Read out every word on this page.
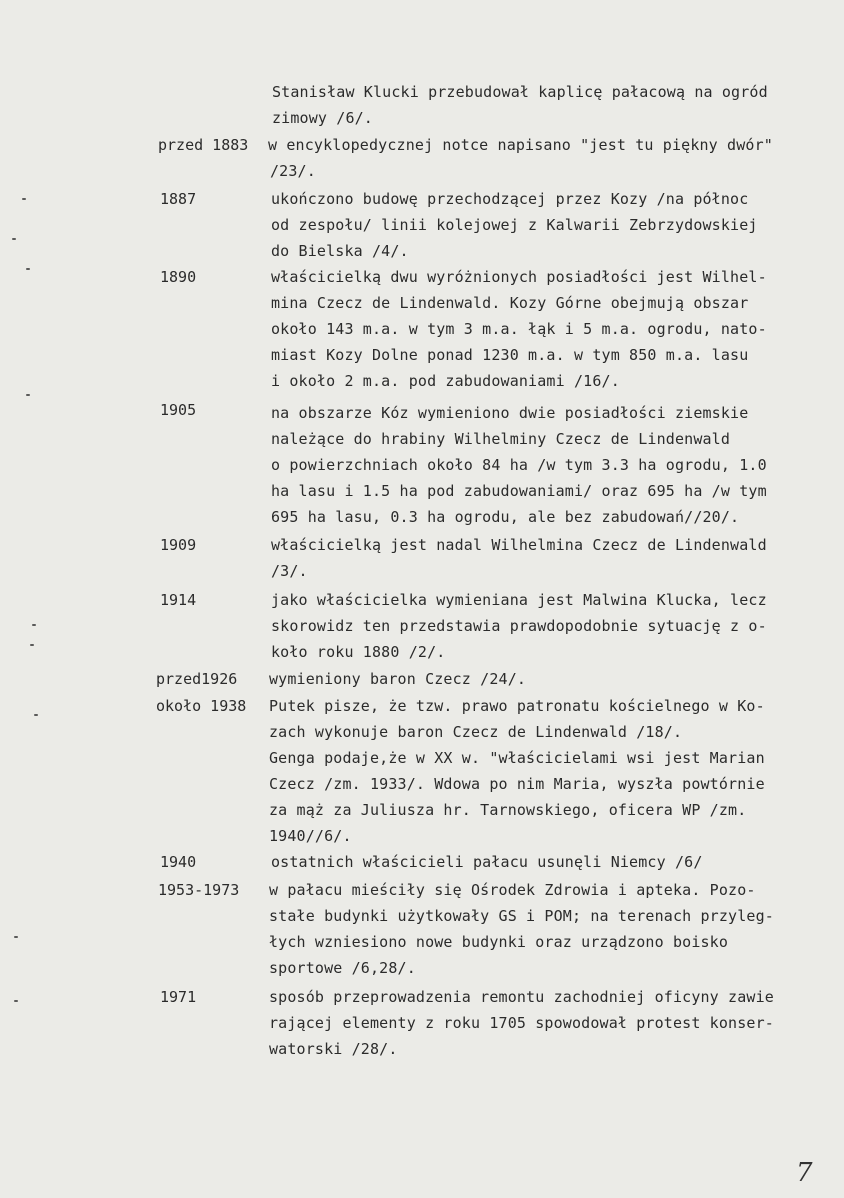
Stanisław Klucki przebudował kaplicę pałacową na ogród
zimowy /6/.
przed 1883 w encyklopedycznej notce napisano "jest tu piękny dwór"
/23/.
1887	ukończono budowę przechodzącej przez Kozy /na północ
od zespołu/ linii kolejowej z Kalwarii Zebrzydowskiej
do Bielska /4/.
1890	właścicielką dwu wyróżnionych posiadłości jest Wilhel-
mina Czecz de Lindenwald. Kozy Górne obejmują obszar
około 143 m.a. w tym 3 m.a. łąk i 5 m.a. ogrodu, nato-
miast Kozy Dolne ponad 1230 m.a. w tym 850 m.a. lasu
i około 2 m.a. pod zabudowaniami /16/.
1905	na obszarze Kóz wymieniono dwie posiadłości ziemskie
należące do hrabiny Wilhelminy Czecz de Lindenwald
o powierzchniach około 84 ha /w tym 3.3 ha ogrodu, 1.0
ha lasu i 1.5 ha pod zabudowaniami/ oraz 695 ha /w tym
695 ha lasu, 0.3 ha ogrodu, ale bez zabudowań//20/.
1909	właścicielką jest nadal Wilhelmina Czecz de Lindenwald
/3/.
1914	jako właścicielka wymieniana jest Malwina Klucka, lecz
skorowidz ten przedstawia prawdopodobnie sytuację z o-
koło roku 1880 /2/.
przed1926 wymieniony baron Czecz /24/.
około 1938 Putek pisze, że tzw. prawo patronatu kościelnego w Ko-
zach wykonuje baron Czecz de Lindenwald /18/.
Genga podaje,że w XX w. "właścicielami wsi jest Marian
Czecz /zm. 1933/. Wdowa po nim Maria, wyszła powtórnie
za mąż za Juliusza hr. Tarnowskiego, oficera WP /zm.
1940//6/.
1940	ostatnich właścicieli pałacu usunęli Niemcy /6/
1953-1973 w pałacu mieściły się Ośrodek Zdrowia i apteka. Pozo-
stałe budynki użytkowały GS i POM; na terenach przyleg-
łych wzniesiono nowe budynki oraz urządzono boisko
sportowe /6,28/.
1971	sposób przeprowadzenia remontu zachodniej oficyny zawie
rającej elementy z roku 1705 spowodował protest konser-
watorski /28/.
7
